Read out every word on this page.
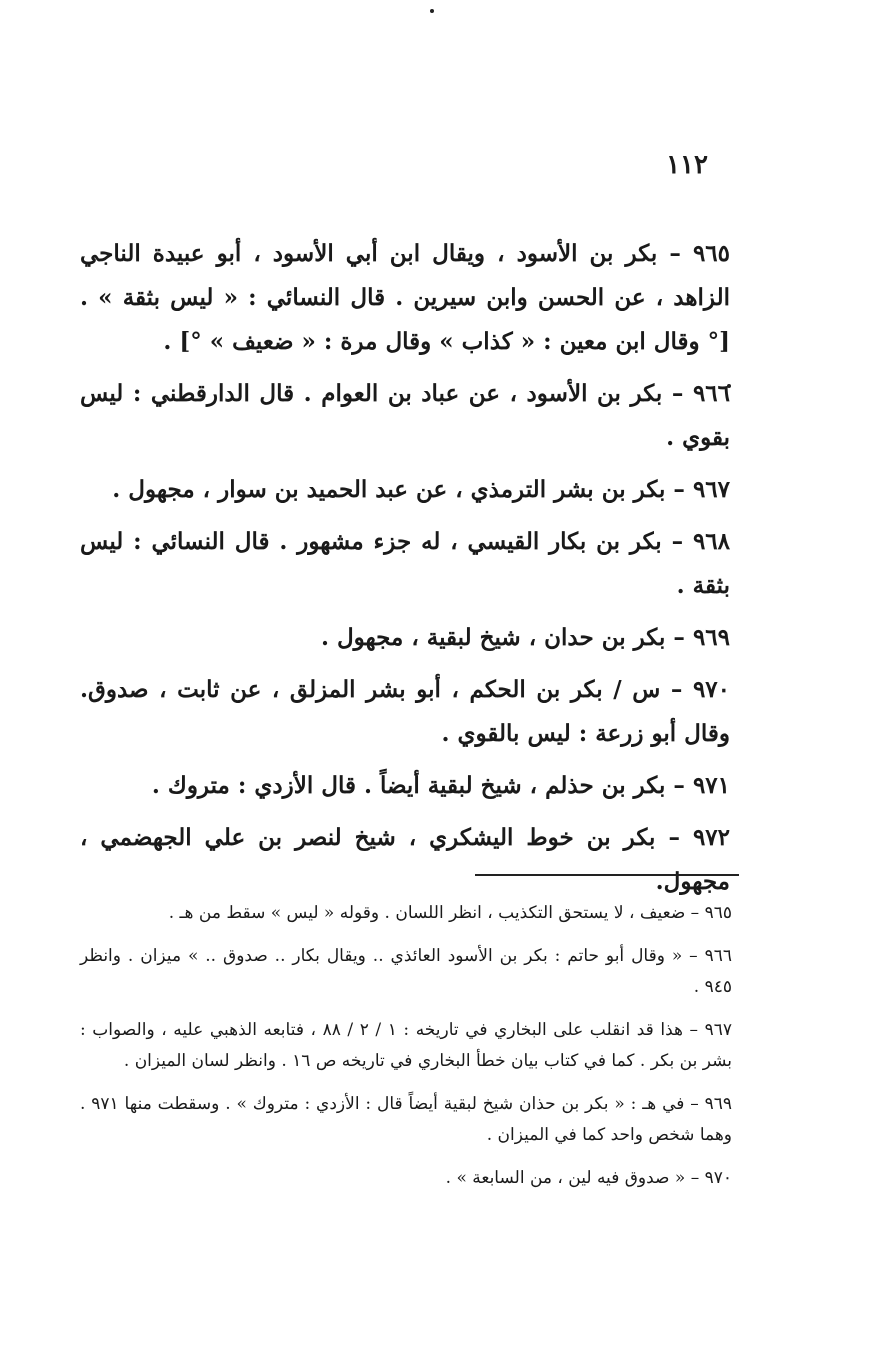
١١٢

٩٦٥ – بكر بن الأسود ، ويقال ابن أبي الأسود ، أبو عبيدة الناجي الزاهد ، عن الحسن وابن سيرين . قال النسائي : « ليس بثقة » . [° وقال ابن معين : « كذاب » وقال مرة : « ضعيف » °] .

٩٦٦ – بكر بن الأسود ، عن عباد بن العوام . قال الدارقطني : ليس بقوي .

٩٦٧ – بكر بن بشر الترمذي ، عن عبد الحميد بن سوار ، مجهول .

٩٦٨ – بكر بن بكار القيسي ، له جزء مشهور . قال النسائي : ليس بثقة .

٩٦٩ – بكر بن حدان ، شيخ لبقية ، مجهول .

٩٧٠ – س / بكر بن الحكم ، أبو بشر المزلق ، عن ثابت ، صدوق. وقال أبو زرعة : ليس بالقوي .

٩٧١ – بكر بن حذلم ، شيخ لبقية أيضاً . قال الأزدي : متروك .

٩٧٢ – بكر بن خوط اليشكري ، شيخ لنصر بن علي الجهضمي ، مجهول.

٩٦٥ – ضعيف ، لا يستحق التكذيب ، انظر اللسان . وقوله « ليس » سقط من هـ .

٩٦٦ – « وقال أبو حاتم : بكر بن الأسود العائذي .. ويقال بكار .. صدوق .. » ميزان . وانظر ٩٤٥ .

٩٦٧ – هذا قد انقلب على البخاري في تاريخه : ١ / ٢ / ٨٨ ، فتابعه الذهبي عليه ، والصواب : بشر بن بكر . كما في كتاب بيان خطأ البخاري في تاريخه ص ١٦ . وانظر لسان الميزان .

٩٦٩ – في هـ : « بكر بن حذان شيخ لبقية أيضاً قال : الأزدي : متروك » . وسقطت منها ٩٧١ . وهما شخص واحد كما في الميزان .

٩٧٠ – « صدوق فيه لين ، من السابعة » .
